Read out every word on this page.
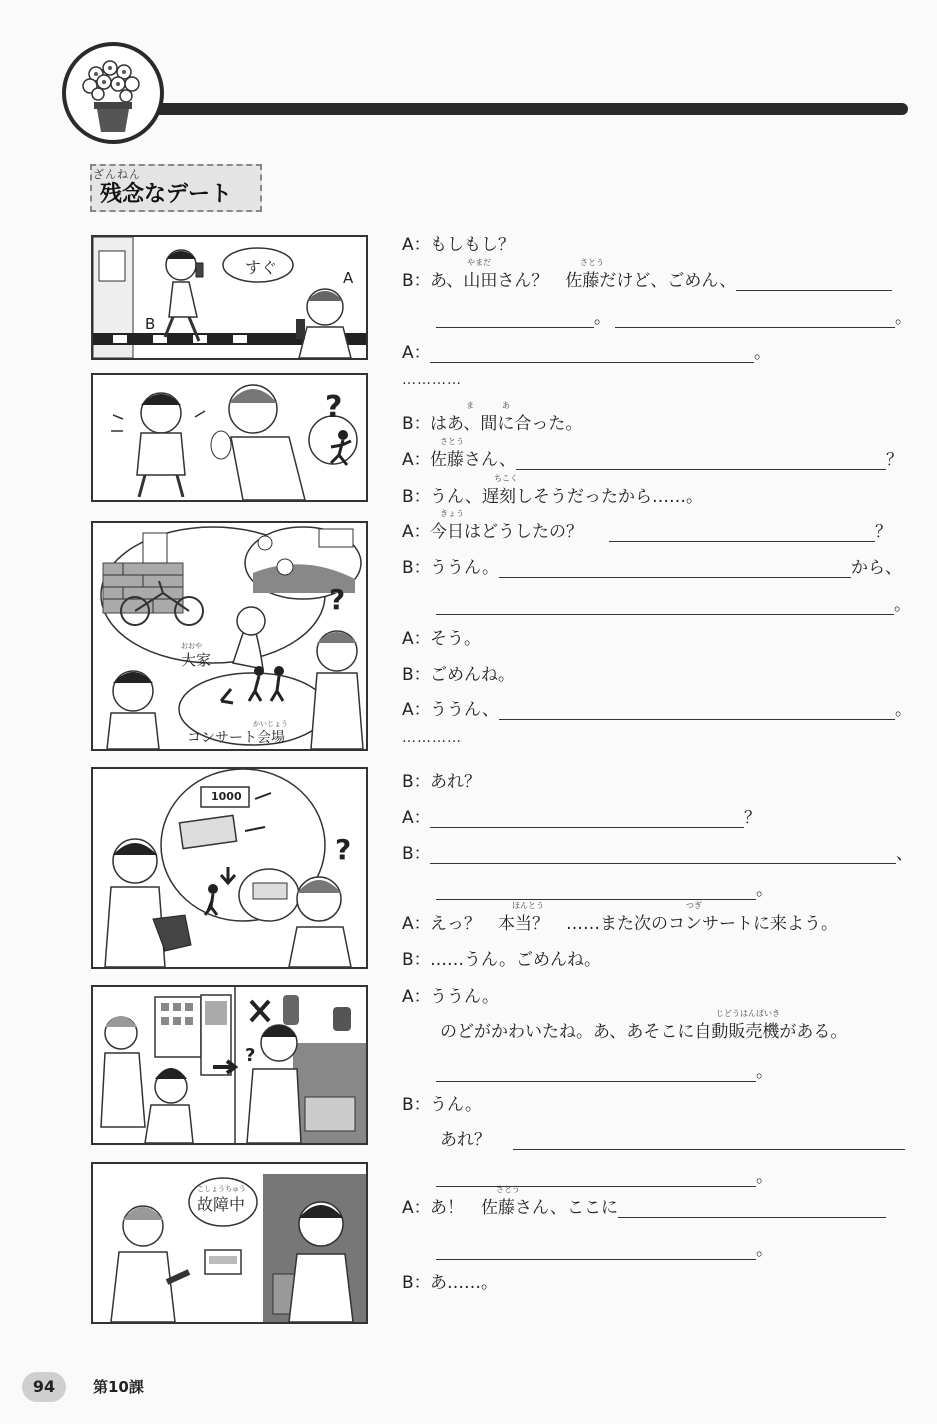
ざんねん
残念なデート
すぐ
A
B
?
?
おおや
大家
かいじょう
コンサート会場
?
1000
?
こしょうちゅう
故障中
A：もしもし？
やまだ	さとう
B：あ、山田さん？　佐藤だけど、ごめん、
。	。
A：	。
…………
ま	あ
B：はあ、間に合った。
さとう
A：佐藤さん、	？
ちこく
B：うん、遅刻しそうだったから……。
きょう
A：今日はどうしたの？	？
B：ううん。	から、
。
A：そう。
B：ごめんね。
A：ううん、	。
…………
B：あれ？
A：	？
B：	、
。
ほんとう	つぎ
A：えっ？　本当？　……また次のコンサートに来よう。
B：……うん。ごめんね。
A：ううん。
じどうはんばいき
のどがかわいたね。あ、あそこに自動販売機がある。
。
B：うん。
あれ？
。
さとう
A：あ！　佐藤さん、ここに
。
B：あ……。
94	第10課
